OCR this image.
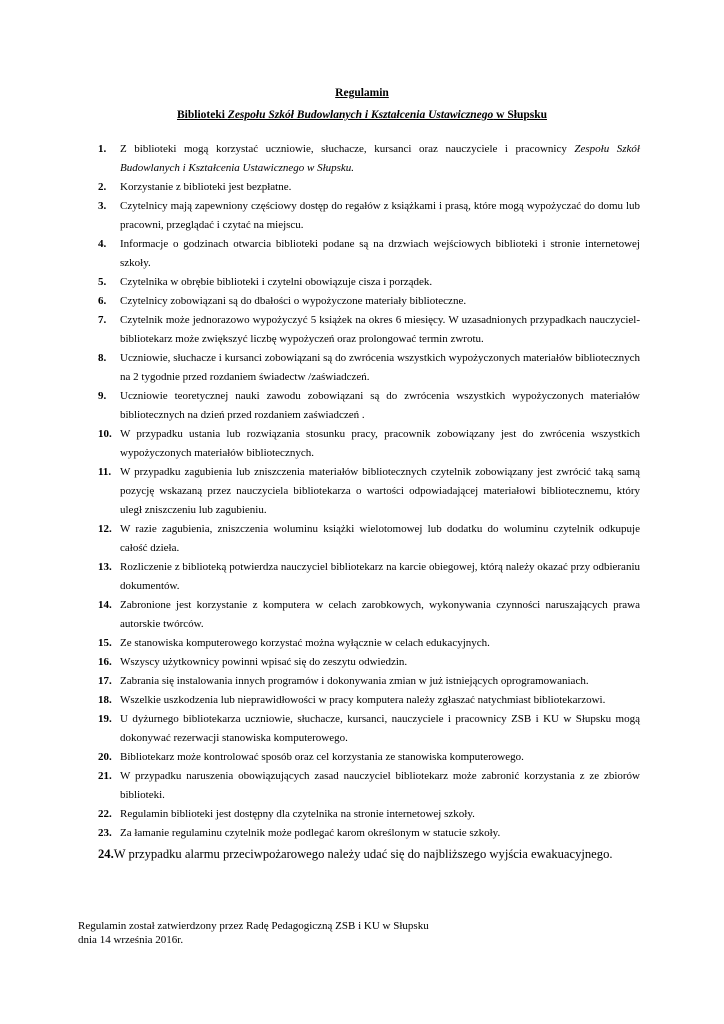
Regulamin
Biblioteki Zespołu Szkół Budowlanych i Kształcenia Ustawicznego w Słupsku
1. Z biblioteki mogą korzystać uczniowie, słuchacze, kursanci oraz nauczyciele i pracownicy Zespołu Szkół Budowlanych i Kształcenia Ustawicznego w Słupsku.
2. Korzystanie z biblioteki jest bezpłatne.
3. Czytelnicy mają zapewniony częściowy dostęp do regałów z książkami i prasą, które mogą wypożyczać do domu lub pracowni, przeglądać i czytać na miejscu.
4. Informacje o godzinach otwarcia biblioteki podane są na drzwiach wejściowych biblioteki i stronie internetowej szkoły.
5. Czytelnika w obrębie biblioteki i czytelni obowiązuje cisza i porządek.
6. Czytelnicy zobowiązani są do dbałości o wypożyczone materiały biblioteczne.
7. Czytelnik może jednorazowo wypożyczyć 5 książek na okres 6 miesięcy. W uzasadnionych przypadkach nauczyciel-bibliotekarz może zwiększyć liczbę wypożyczeń oraz prolongować termin zwrotu.
8. Uczniowie, słuchacze i kursanci zobowiązani są do zwrócenia wszystkich wypożyczonych materiałów bibliotecznych na 2 tygodnie przed rozdaniem świadectw /zaświadczeń.
9. Uczniowie teoretycznej nauki zawodu zobowiązani są do zwrócenia wszystkich wypożyczonych materiałów bibliotecznych na dzień przed rozdaniem zaświadczeń .
10. W przypadku ustania lub rozwiązania stosunku pracy, pracownik zobowiązany jest do zwrócenia wszystkich wypożyczonych materiałów bibliotecznych.
11. W przypadku zagubienia lub zniszczenia materiałów bibliotecznych czytelnik zobowiązany jest zwrócić taką samą pozycję wskazaną przez nauczyciela bibliotekarza o wartości odpowiadającej materiałowi bibliotecznemu, który uległ zniszczeniu lub zagubieniu.
12. W razie zagubienia, zniszczenia woluminu książki wielotomowej lub dodatku do woluminu czytelnik odkupuje całość dzieła.
13. Rozliczenie z biblioteką potwierdza nauczyciel bibliotekarz na karcie obiegowej, którą należy okazać przy odbieraniu dokumentów.
14. Zabronione jest korzystanie z komputera w celach zarobkowych, wykonywania czynności naruszających prawa autorskie twórców.
15. Ze stanowiska komputerowego korzystać można wyłącznie w celach edukacyjnych.
16. Wszyscy użytkownicy powinni wpisać się do zeszytu odwiedzin.
17. Zabrania się instalowania innych programów i dokonywania zmian w już istniejących oprogramowaniach.
18. Wszelkie uszkodzenia lub nieprawidłowości w pracy komputera należy zgłaszać natychmiast bibliotekarzowi.
19. U dyżurnego bibliotekarza uczniowie, słuchacze, kursanci, nauczyciele i pracownicy ZSB i KU w Słupsku mogą dokonywać rezerwacji stanowiska komputerowego.
20. Bibliotekarz może kontrolować sposób oraz cel korzystania ze stanowiska komputerowego.
21. W przypadku naruszenia obowiązujących zasad nauczyciel bibliotekarz może zabronić korzystania z ze zbiorów biblioteki.
22. Regulamin biblioteki jest dostępny dla czytelnika na stronie internetowej szkoły.
23. Za łamanie regulaminu czytelnik może podlegać karom określonym w statucie szkoły.
24.W przypadku alarmu przeciwpożarowego należy udać się do najbliższego wyjścia ewakuacyjnego.
Regulamin został zatwierdzony przez Radę Pedagogiczną ZSB i KU w Słupsku
dnia 14 września 2016r.
